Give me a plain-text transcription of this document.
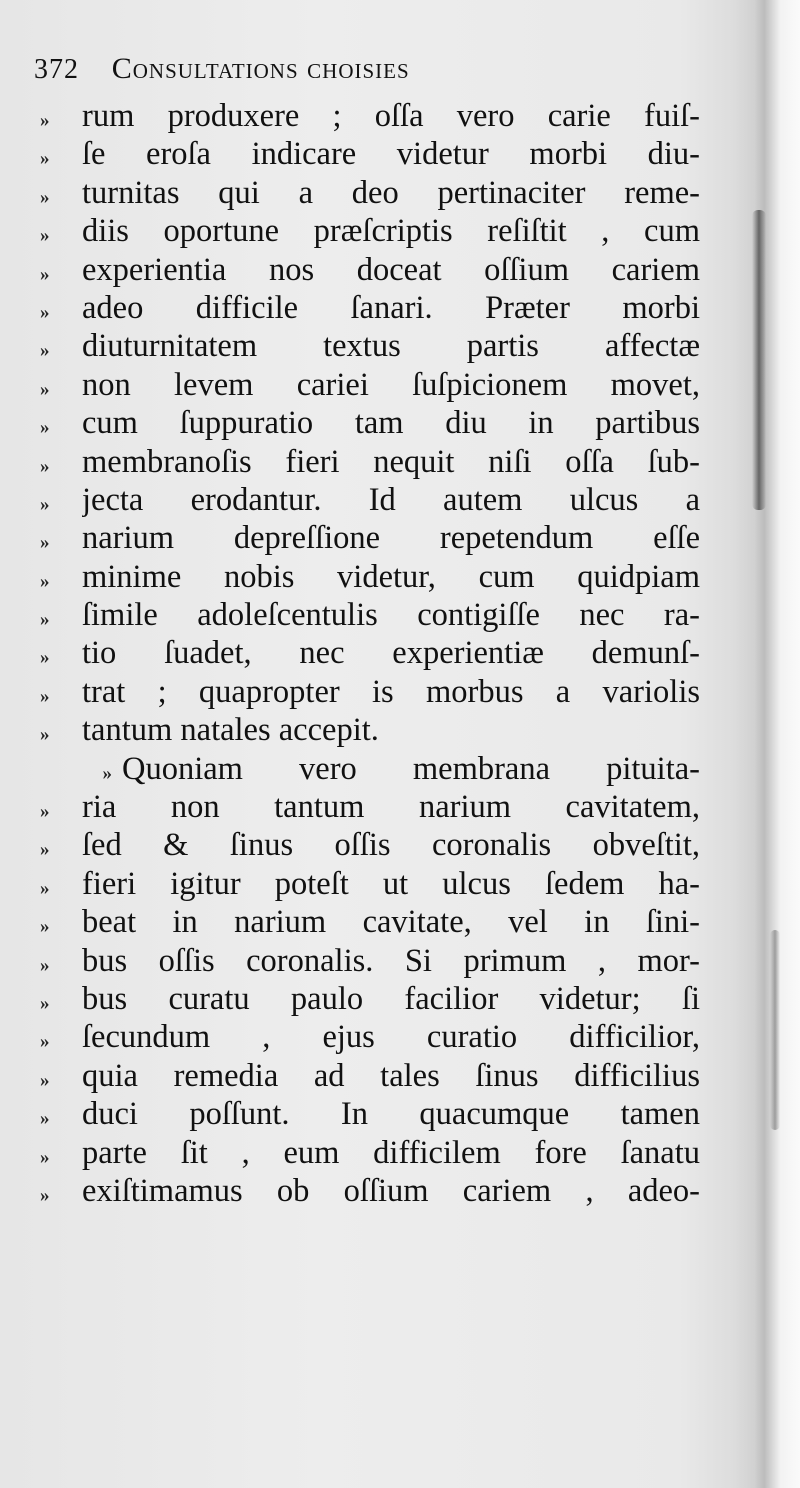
372 Consultations choisies
»	rum produxere ; oſſa vero carie fuiſ-
»	ſe eroſa indicare videtur morbi diu-
»	turnitas qui a deo pertinaciter reme-
»	diis oportune præſcriptis reſiſtit , cum
»	experientia nos doceat oſſium cariem
»	adeo difficile ſanari. Præter morbi
»	diuturnitatem textus partis affectæ
»	non levem cariei ſuſpicionem movet,
»	cum ſuppuratio tam diu in partibus
»	membranoſis fieri nequit niſi oſſa ſub-
»	jecta erodantur. Id autem ulcus a
»	narium depreſſione repetendum eſſe
»	minime nobis videtur, cum quidpiam
»	ſimile adoleſcentulis contigiſſe nec ra-
»	tio ſuadet, nec experientiæ demunſ-
»	trat ; quapropter is morbus a variolis
»	tantum natales accepit.
» Quoniam vero membrana pituita-
»	ria non tantum narium cavitatem,
»	ſed & ſinus oſſis coronalis obveſtit,
»	fieri igitur poteſt ut ulcus ſedem ha-
»	beat in narium cavitate, vel in ſini-
»	bus oſſis coronalis. Si primum , mor-
»	bus curatu paulo facilior videtur; ſi
»	ſecundum , ejus curatio difficilior,
»	quia remedia ad tales ſinus difficilius
»	duci poſſunt. In quacumque tamen
»	parte ſit , eum difficilem fore ſanatu
»	exiſtimamus ob oſſium cariem , adeo-
